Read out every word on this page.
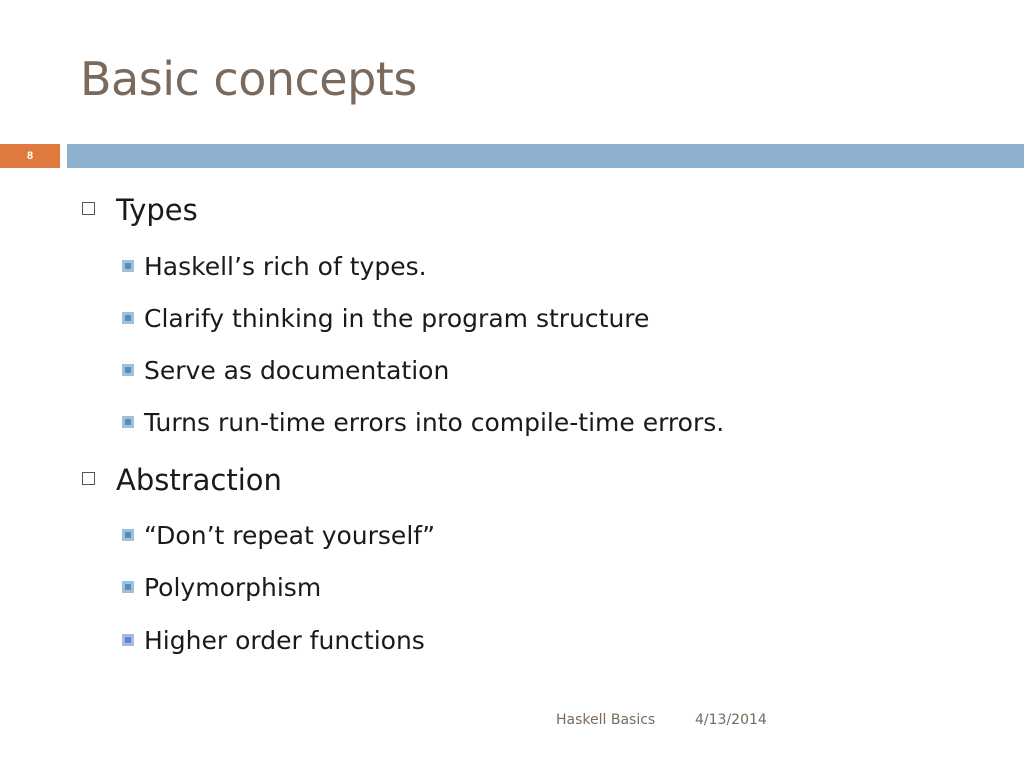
Basic concepts
8
Types
Haskell’s rich of types.
Clarify thinking in the program structure
Serve as documentation
Turns run-time errors into compile-time errors.
Abstraction
“Don’t repeat yourself”
Polymorphism
Higher order functions
Haskell Basics	4/13/2014
